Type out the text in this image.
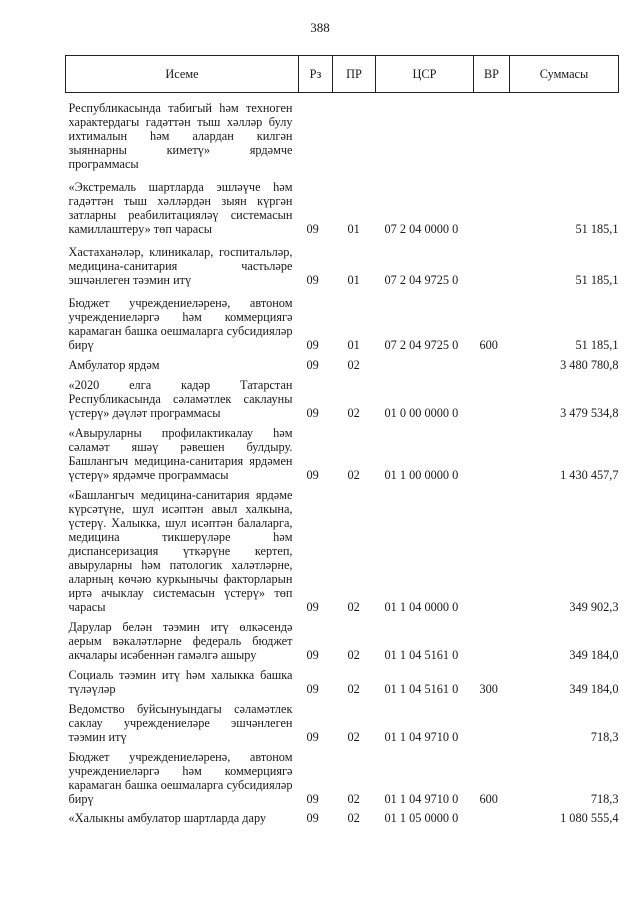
388
Исеме	Рз	ПР	ЦСР	ВР	Суммасы
Республикасында табигый һәм техноген характердагы гадәттән тыш хәлләр булу ихтималын һәм алардан килгән зыяннарны киметү» ярдәмче программасы					
«Экстремаль шартларда эшләүче һәм гадәттән тыш хәлләрдән зыян күргән затларны реабилитацияләү системасын камиллаштеру» төп чарасы	09	01	07 2 04 0000 0		51 185,1
Хастаханәләр, клиникалар, госпитальләр, медицина-санитария частьләре эшчәнлеген тәэмин итү	09	01	07 2 04 9725 0		51 185,1
Бюджет учреждениеләренә, автоном учреждениеләргә һәм коммерциягә карамаган башка оешмаларга субсидияләр бирү	09	01	07 2 04 9725 0	600	51 185,1
Амбулатор ярдәм	09	02			3 480 780,8
«2020 елга кадәр Татарстан Республикасында сәламәтлек саклауны үстерү» дәүләт программасы	09	02	01 0 00 0000 0		3 479 534,8
«Авыруларны профилактикалау һәм сәламәт яшәү рәвешен булдыру. Башлангыч медицина-санитария ярдәмен үстерү» ярдәмче программасы	09	02	01 1 00 0000 0		1 430 457,7
«Башлангыч медицина-санитария ярдәме күрсәтүне, шул исәптән авыл халкына, үстерү. Халыкка, шул исәптән балаларга, медицина тикшерүләре һәм диспансеризация үткәрүне кертеп, авыруларны һәм патологик халәтләрне, аларның көчәю куркынычы факторларын иртә ачыклау системасын үстерү» төп чарасы	09	02	01 1 04 0000 0		349 902,3
Дарулар белән тәэмин итү өлкәсендә аерым вәкаләтләрне федераль бюджет акчалары исәбеннән гамәлгә ашыру	09	02	01 1 04 5161 0		349 184,0
Социаль тәэмин итү һәм халыкка башка түләүләр	09	02	01 1 04 5161 0	300	349 184,0
Ведомство буйсынуындагы сәламәтлек саклау учреждениеләре эшчәнлеген тәэмин итү	09	02	01 1 04 9710 0		718,3
Бюджет учреждениеләренә, автоном учреждениеләргә һәм коммерциягә карамаган башка оешмаларга субсидияләр бирү	09	02	01 1 04 9710 0	600	718,3
«Халыкны амбулатор шартларда дару	09	02	01 1 05 0000 0		1 080 555,4
